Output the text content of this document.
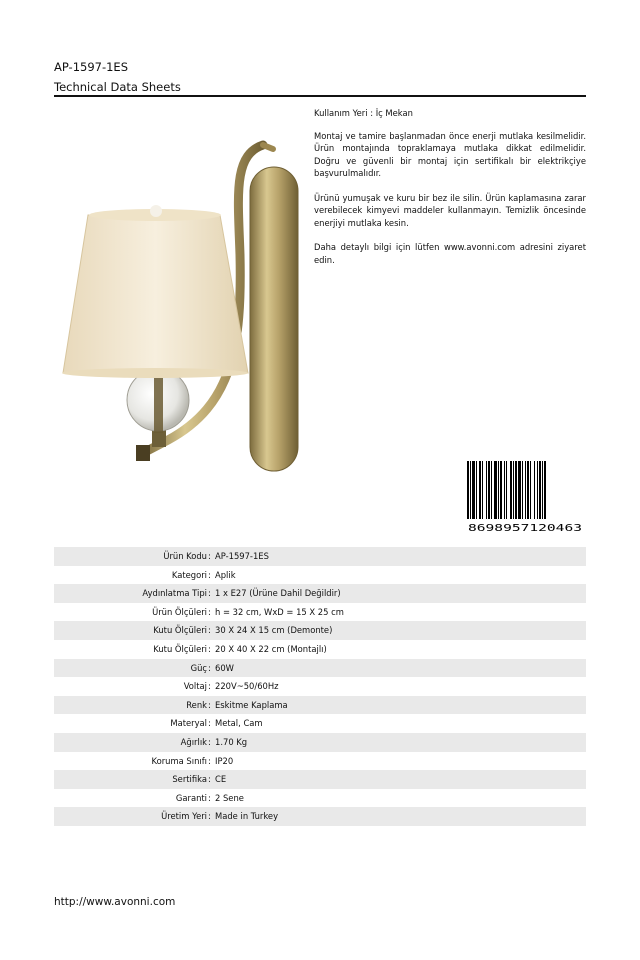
AP-1597-1ES
Technical Data Sheets

Kullanım Yeri : İç Mekan

Montaj ve tamire başlanmadan önce enerji mutlaka kesilmelidir. Ürün montajında topraklamaya mutlaka dikkat edilmelidir. Doğru ve güvenli bir montaj için sertifikalı bir elektrikçiye başvurulmalıdır.

Ürünü yumuşak ve kuru bir bez ile silin. Ürün kaplamasına zarar verebilecek kimyevi maddeler kullanmayın. Temizlik öncesinde enerjiyi mutlaka kesin.

Daha detaylı bilgi için lütfen www.avonni.com adresini ziyaret edin.

8698957120463
Ürün Kodu : AP-1597-1ES
Kategori : Aplik
Aydınlatma Tipi : 1 x E27 (Ürüne Dahil Değildir)
Ürün Ölçüleri : h = 32 cm, WxD = 15 X 25 cm
Kutu Ölçüleri : 30 X 24 X 15 cm (Demonte)
Kutu Ölçüleri : 20 X 40 X 22 cm (Montajlı)
Güç : 60W
Voltaj : 220V~50/60Hz
Renk : Eskitme Kaplama
Materyal : Metal, Cam
Ağırlık : 1.70 Kg
Koruma Sınıfı : IP20
Sertifika : CE
Garanti : 2 Sene
Üretim Yeri : Made in Turkey
http://www.avonni.com
